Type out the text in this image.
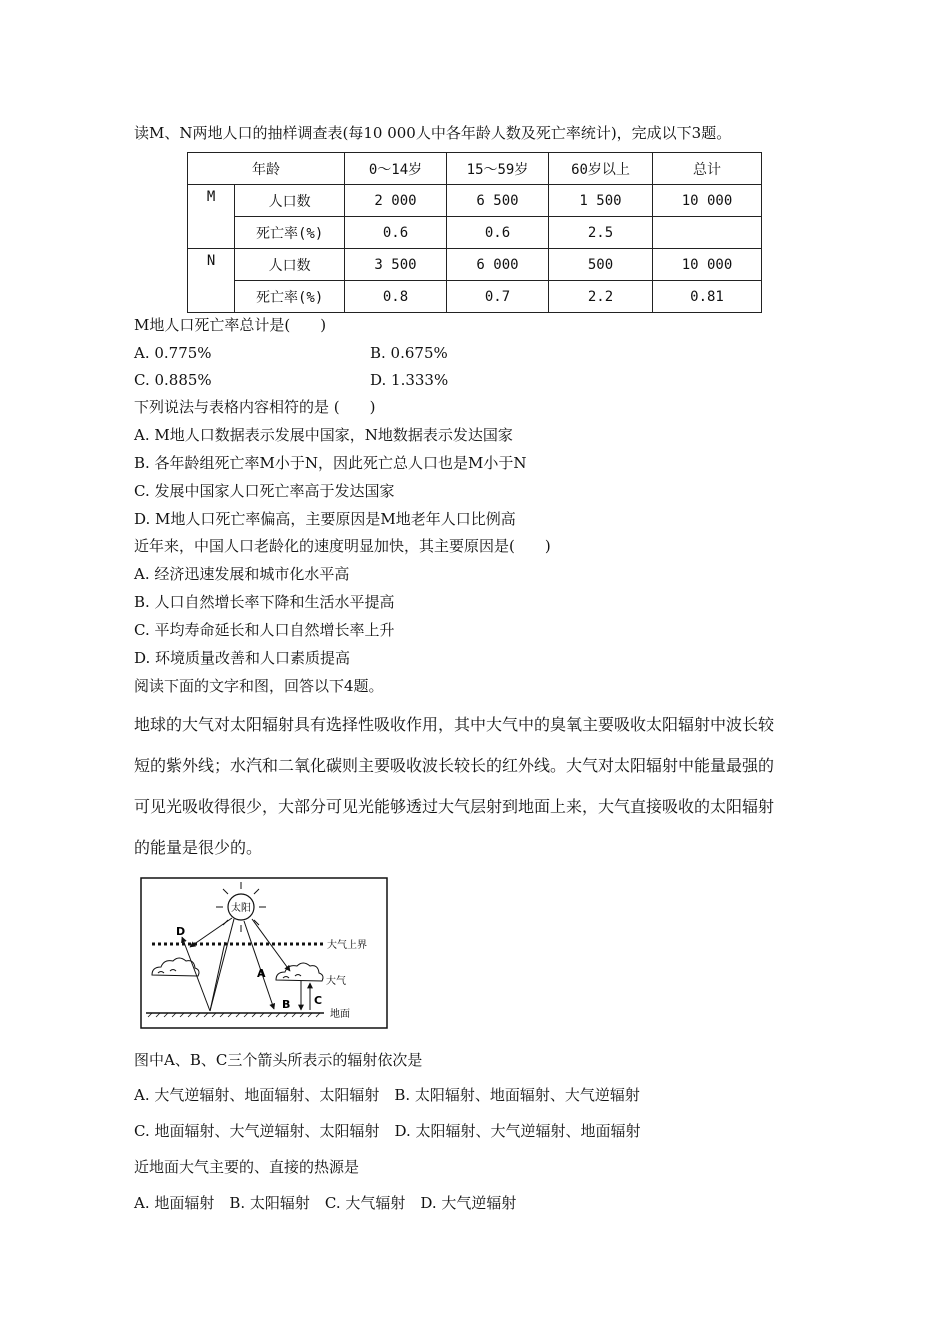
读M、N两地人口的抽样调查表(每10 000人中各年龄人数及死亡率统计)，完成以下3题。
年龄		0～14岁	15～59岁	60岁以上	总计
M	人口数	2 000	6 500	1 500	10 000
	死亡率(%)	0.6	0.6	2.5	
N	人口数	3 500	6 000	500	10 000
	死亡率(%)	0.8	0.7	2.2	0.81
M地人口死亡率总计是(　　)
A. 0.775%	B. 0.675%
C. 0.885%	D. 1.333%
下列说法与表格内容相符的是 (　　)
A. M地人口数据表示发展中国家，N地数据表示发达国家
B. 各年龄组死亡率M小于N，因此死亡总人口也是M小于N
C. 发展中国家人口死亡率高于发达国家
D. M地人口死亡率偏高，主要原因是M地老年人口比例高
近年来，中国人口老龄化的速度明显加快，其主要原因是(　　)
A. 经济迅速发展和城市化水平高
B. 人口自然增长率下降和生活水平提高
C. 平均寿命延长和人口自然增长率上升
D. 环境质量改善和人口素质提高
阅读下面的文字和图，回答以下4题。
地球的大气对太阳辐射具有选择性吸收作用，其中大气中的臭氧主要吸收太阳辐射中波长较
短的紫外线；水汽和二氧化碳则主要吸收波长较长的红外线。大气对太阳辐射中能量最强的
可见光吸收得很少，大部分可见光能够透过大气层射到地面上来，大气直接吸收的太阳辐射
的能量是很少的。
太阳
大气上界
大气
地面
D
A
B C
图中A、B、C三个箭头所表示的辐射依次是
A. 大气逆辐射、地面辐射、太阳辐射　B. 太阳辐射、地面辐射、大气逆辐射
C. 地面辐射、大气逆辐射、太阳辐射　D. 太阳辐射、大气逆辐射、地面辐射
近地面大气主要的、直接的热源是
A. 地面辐射　B. 太阳辐射　C. 大气辐射　D. 大气逆辐射
